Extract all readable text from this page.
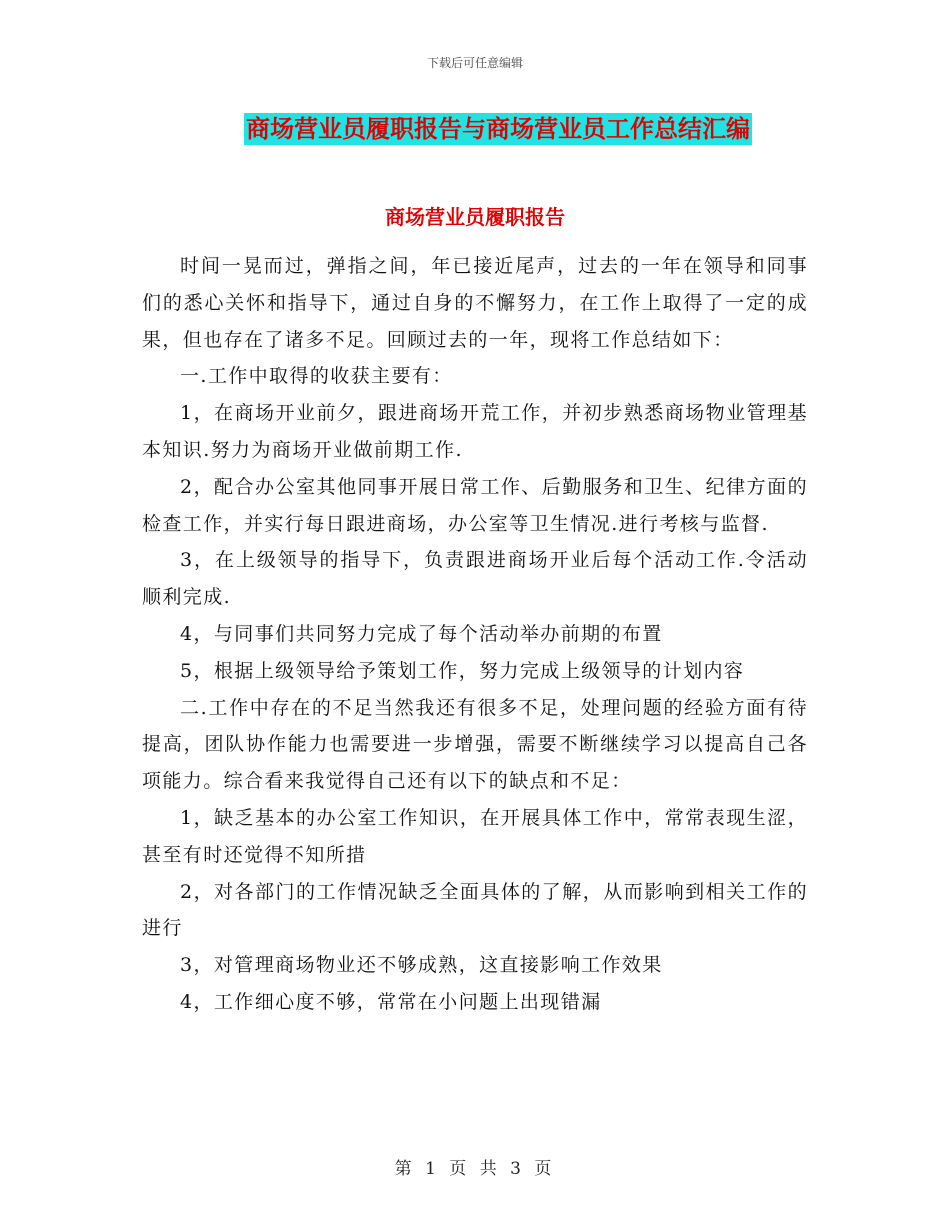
下载后可任意编辑
商场营业员履职报告与商场营业员工作总结汇编
商场营业员履职报告

时间一晃而过，弹指之间，年已接近尾声，过去的一年在领导和同事们的悉心关怀和指导下，通过自身的不懈努力，在工作上取得了一定的成果，但也存在了诸多不足。回顾过去的一年，现将工作总结如下：

一.工作中取得的收获主要有：

1，在商场开业前夕，跟进商场开荒工作，并初步熟悉商场物业管理基本知识.努力为商场开业做前期工作.

2，配合办公室其他同事开展日常工作、后勤服务和卫生、纪律方面的检查工作，并实行每日跟进商场，办公室等卫生情况.进行考核与监督.

3，在上级领导的指导下，负责跟进商场开业后每个活动工作.令活动顺利完成.

4，与同事们共同努力完成了每个活动举办前期的布置

5，根据上级领导给予策划工作，努力完成上级领导的计划内容

二.工作中存在的不足当然我还有很多不足，处理问题的经验方面有待提高，团队协作能力也需要进一步增强，需要不断继续学习以提高自己各项能力。综合看来我觉得自己还有以下的缺点和不足：

1，缺乏基本的办公室工作知识，在开展具体工作中，常常表现生涩，甚至有时还觉得不知所措

2，对各部门的工作情况缺乏全面具体的了解，从而影响到相关工作的进行

3，对管理商场物业还不够成熟，这直接影响工作效果

4，工作细心度不够，常常在小问题上出现错漏

第 1 页 共 3 页
